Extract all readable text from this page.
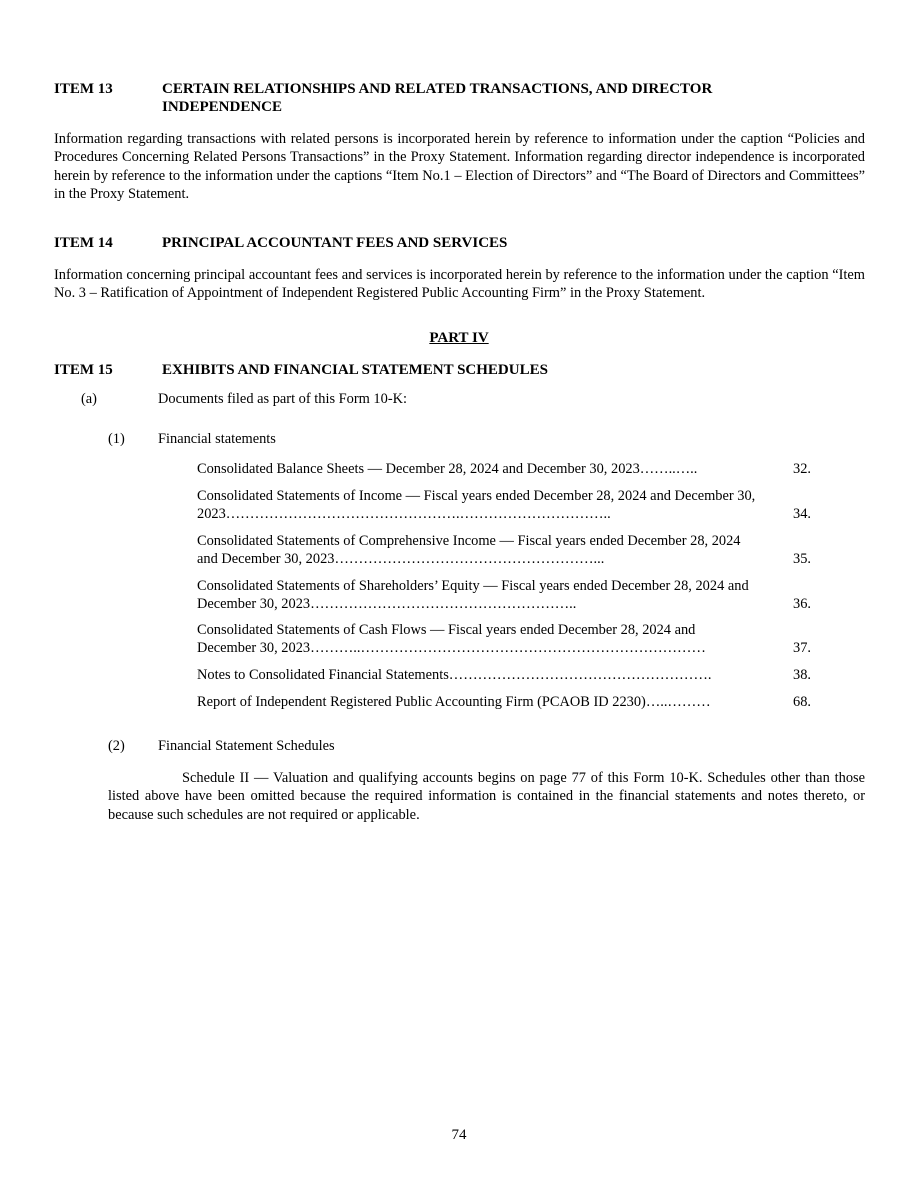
ITEM 13	CERTAIN RELATIONSHIPS AND RELATED TRANSACTIONS, AND DIRECTOR
INDEPENDENCE
Information regarding transactions with related persons is incorporated herein by reference to information under the caption “Policies and Procedures Concerning Related Persons Transactions” in the Proxy Statement. Information regarding director independence is incorporated herein by reference to the information under the captions “Item No.1 – Election of Directors” and “The Board of Directors and Committees” in the Proxy Statement.
ITEM 14	PRINCIPAL ACCOUNTANT FEES AND SERVICES
Information concerning principal accountant fees and services is incorporated herein by reference to the information under the caption “Item No. 3 – Ratification of Appointment of Independent Registered Public Accounting Firm” in the Proxy Statement.
PART IV
ITEM 15	EXHIBITS AND FINANCIAL STATEMENT SCHEDULES
(a)	Documents filed as part of this Form 10-K:
(1) Financial statements
Consolidated Balance Sheets — December 28, 2024 and December 30, 2023……..…..	32.
Consolidated Statements of Income — Fiscal years ended December 28, 2024 and December 30, 2023………………………………………….…………………………..	34.
Consolidated Statements of Comprehensive Income — Fiscal years ended December 28, 2024 and December 30, 2023………………………………………………...	35.
Consolidated Statements of Shareholders’ Equity — Fiscal years ended December 28, 2024 and December 30, 2023………………………………………………..	36.
Consolidated Statements of Cash Flows — Fiscal years ended December 28, 2024 and December 30, 2023………..………………………………………………………………	37.
Notes to Consolidated Financial Statements……………………………………………….	38.
Report of Independent Registered Public Accounting Firm (PCAOB ID 2230)…..………	68.
(2) Financial Statement Schedules
Schedule II — Valuation and qualifying accounts begins on page 77 of this Form 10-K. Schedules other than those listed above have been omitted because the required information is contained in the financial statements and notes thereto, or because such schedules are not required or applicable.
74
